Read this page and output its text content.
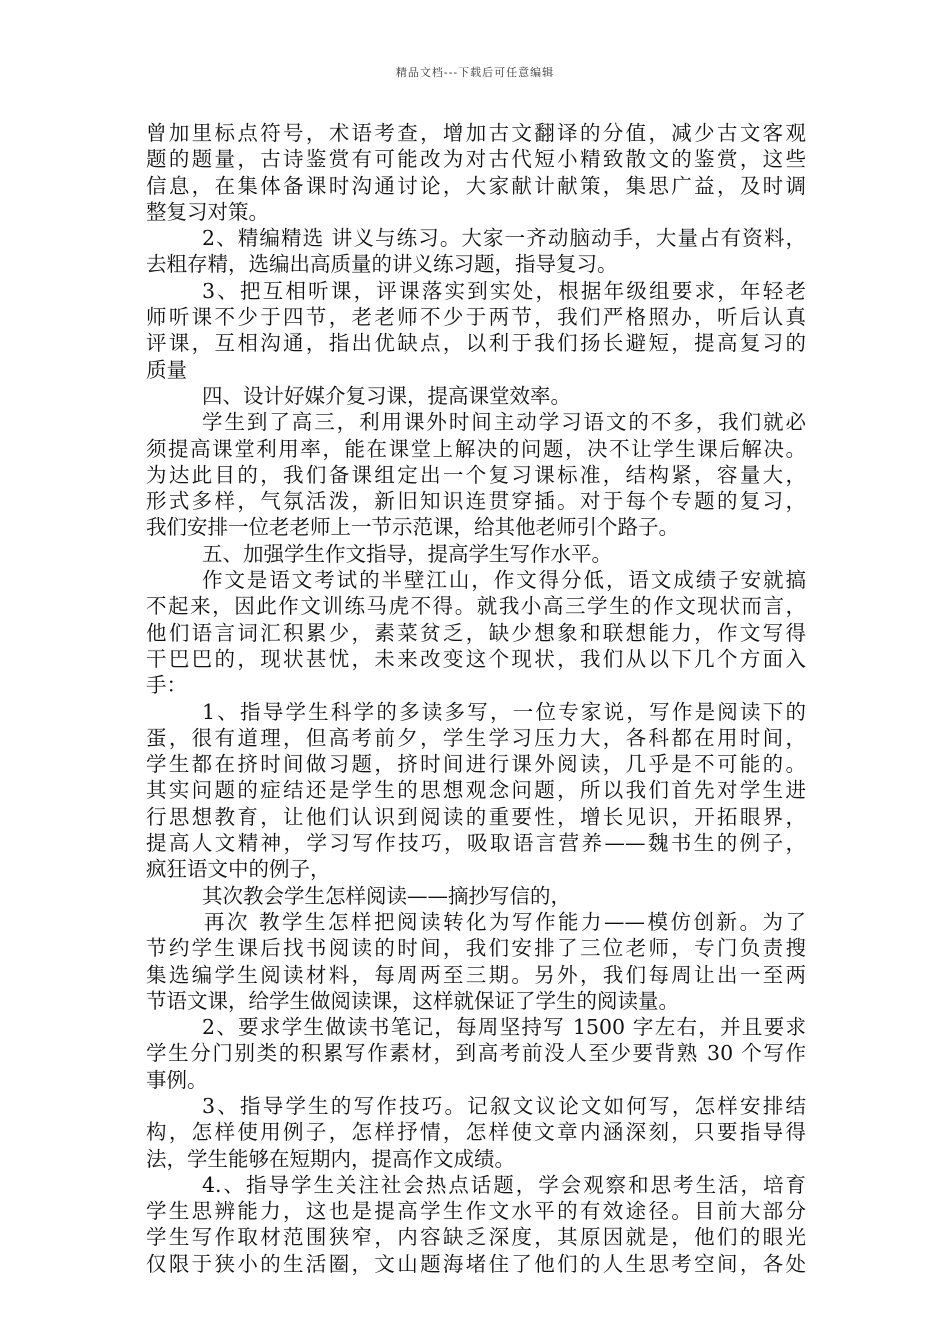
精品文档---下载后可任意编辑
曾加里标点符号，术语考查，增加古文翻译的分值，减少古文客观
题的题量，古诗鉴赏有可能改为对古代短小精致散文的鉴赏，这些
信息，在集体备课时沟通讨论，大家献计献策，集思广益，及时调
整复习对策。
2、精编精选 讲义与练习。大家一齐动脑动手，大量占有资料，
去粗存精，选编出高质量的讲义练习题，指导复习。
3、把互相听课，评课落实到实处，根据年级组要求，年轻老
师听课不少于四节，老老师不少于两节，我们严格照办，听后认真
评课，互相沟通，指出优缺点，以利于我们扬长避短，提高复习的
质量
四、设计好媒介复习课，提高课堂效率。
学生到了高三，利用课外时间主动学习语文的不多，我们就必
须提高课堂利用率，能在课堂上解决的问题，决不让学生课后解决。
为达此目的，我们备课组定出一个复习课标准，结构紧，容量大，
形式多样，气氛活泼，新旧知识连贯穿插。对于每个专题的复习，
我们安排一位老老师上一节示范课，给其他老师引个路子。
五、加强学生作文指导，提高学生写作水平。
作文是语文考试的半壁江山，作文得分低，语文成绩子安就搞
不起来，因此作文训练马虎不得。就我小高三学生的作文现状而言，
他们语言词汇积累少，素菜贫乏，缺少想象和联想能力，作文写得
干巴巴的，现状甚忧，未来改变这个现状，我们从以下几个方面入
手：
1、指导学生科学的多读多写，一位专家说，写作是阅读下的
蛋，很有道理，但高考前夕，学生学习压力大，各科都在用时间，
学生都在挤时间做习题，挤时间进行课外阅读，几乎是不可能的。
其实问题的症结还是学生的思想观念问题，所以我们首先对学生进
行思想教育，让他们认识到阅读的重要性，增长见识，开拓眼界，
提高人文精神，学习写作技巧，吸取语言营养——魏书生的例子，
疯狂语文中的例子，
其次教会学生怎样阅读——摘抄写信的，
再次 教学生怎样把阅读转化为写作能力——模仿创新。为了
节约学生课后找书阅读的时间，我们安排了三位老师，专门负责搜
集选编学生阅读材料，每周两至三期。另外，我们每周让出一至两
节语文课，给学生做阅读课，这样就保证了学生的阅读量。
2、要求学生做读书笔记，每周坚持写 1500 字左右，并且要求
学生分门别类的积累写作素材，到高考前没人至少要背熟 30 个写作
事例。
3、指导学生的写作技巧。记叙文议论文如何写，怎样安排结
构，怎样使用例子，怎样抒情，怎样使文章内涵深刻，只要指导得
法，学生能够在短期内，提高作文成绩。
4.、指导学生关注社会热点话题，学会观察和思考生活，培育
学生思辨能力，这也是提高学生作文水平的有效途径。目前大部分
学生写作取材范围狭窄，内容缺乏深度，其原因就是，他们的眼光
仅限于狭小的生活圈，文山题海堵住了他们的人生思考空间，各处
